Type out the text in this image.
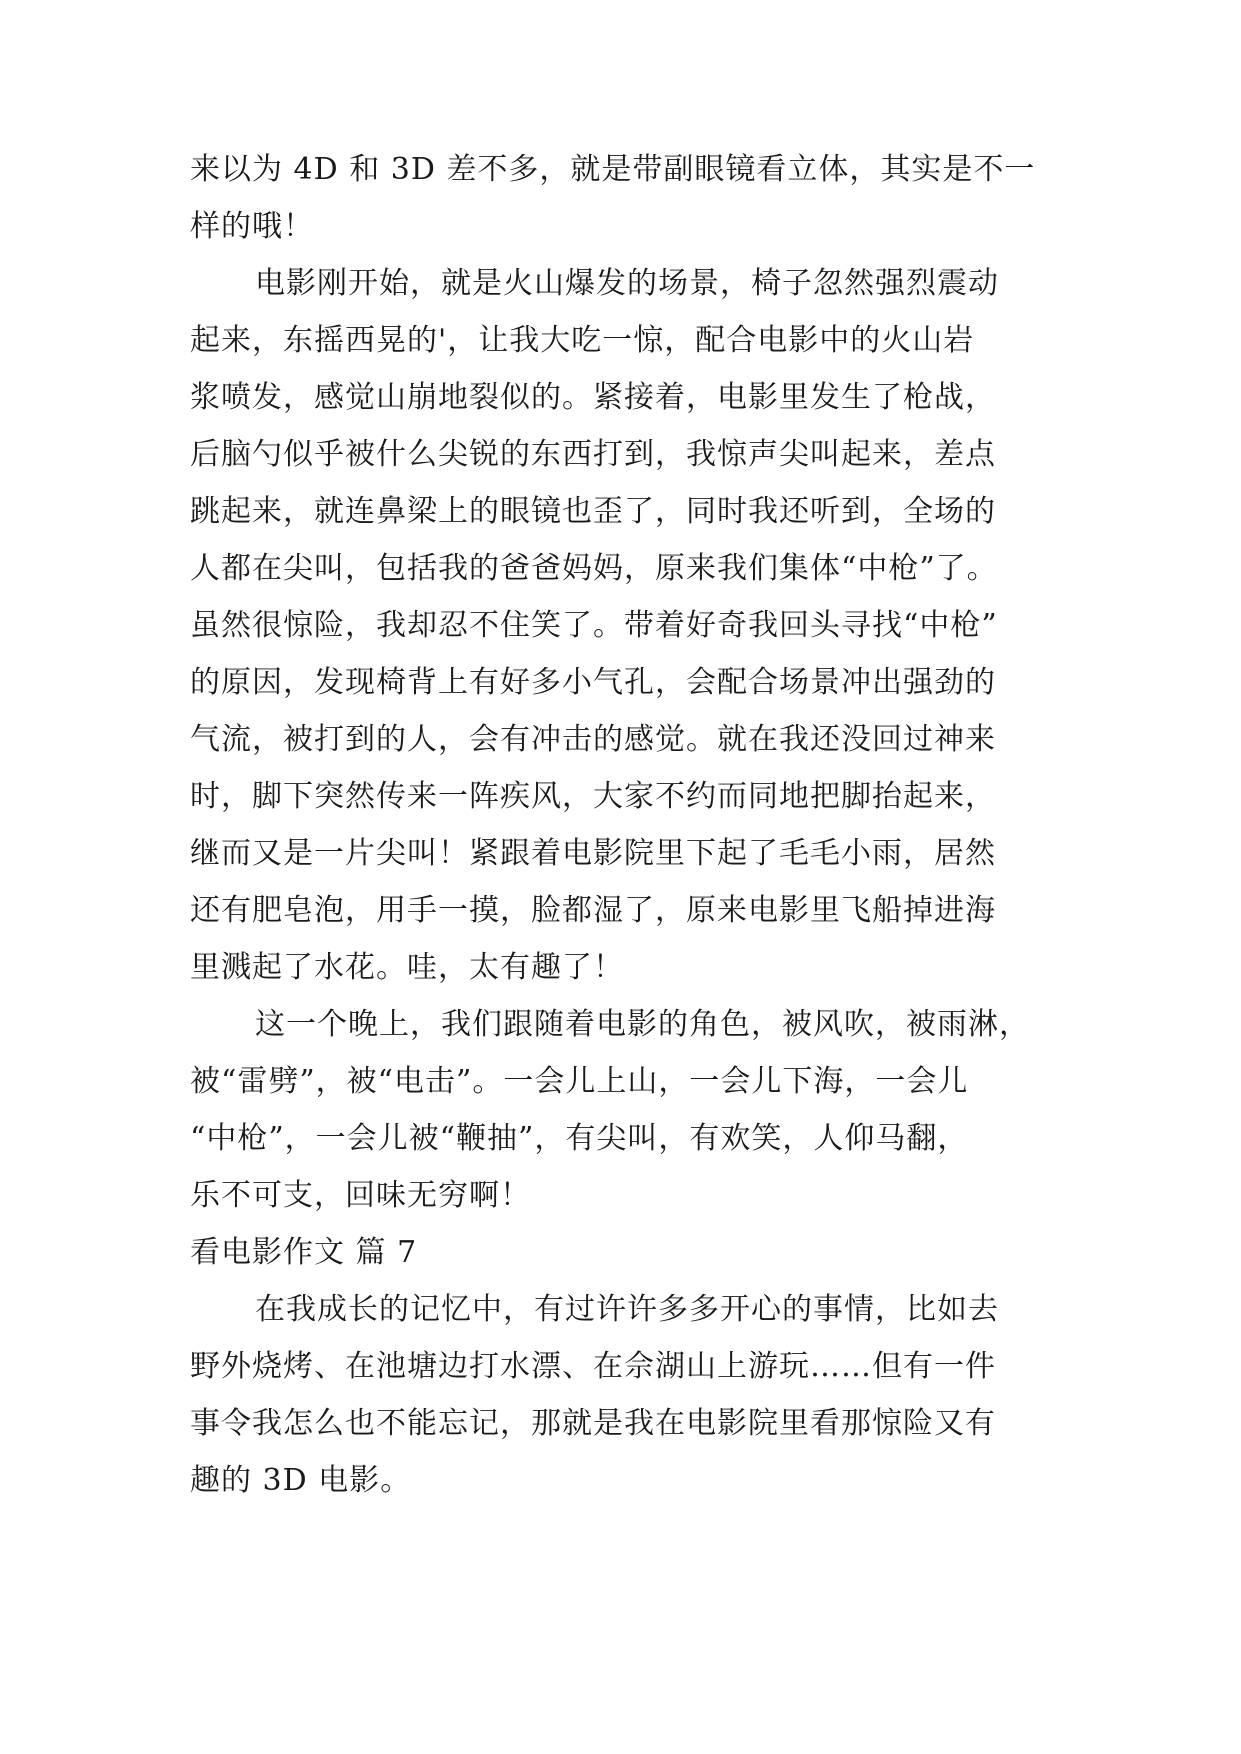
来以为 4D 和 3D 差不多，就是带副眼镜看立体，其实是不一
样的哦！
电影刚开始，就是火山爆发的场景，椅子忽然强烈震动
起来，东摇西晃的'，让我大吃一惊，配合电影中的火山岩
浆喷发，感觉山崩地裂似的。紧接着，电影里发生了枪战，
后脑勺似乎被什么尖锐的东西打到，我惊声尖叫起来，差点
跳起来，就连鼻梁上的眼镜也歪了，同时我还听到，全场的
人都在尖叫，包括我的爸爸妈妈，原来我们集体“中枪”了。
虽然很惊险，我却忍不住笑了。带着好奇我回头寻找“中枪”
的原因，发现椅背上有好多小气孔，会配合场景冲出强劲的
气流，被打到的人，会有冲击的感觉。就在我还没回过神来
时，脚下突然传来一阵疾风，大家不约而同地把脚抬起来，
继而又是一片尖叫！紧跟着电影院里下起了毛毛小雨，居然
还有肥皂泡，用手一摸，脸都湿了，原来电影里飞船掉进海
里溅起了水花。哇，太有趣了！
这一个晚上，我们跟随着电影的角色，被风吹，被雨淋，
被“雷劈”，被“电击”。一会儿上山，一会儿下海，一会儿
“中枪”，一会儿被“鞭抽”，有尖叫，有欢笑，人仰马翻，
乐不可支，回味无穷啊！
看电影作文 篇 7
在我成长的记忆中，有过许许多多开心的事情，比如去
野外烧烤、在池塘边打水漂、在佘湖山上游玩……但有一件
事令我怎么也不能忘记，那就是我在电影院里看那惊险又有
趣的 3D 电影。
